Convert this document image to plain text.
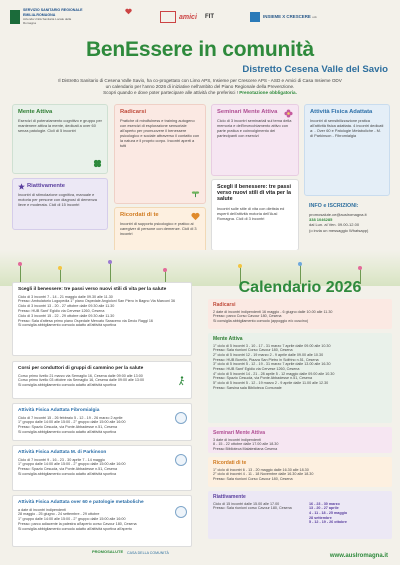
SERVIZIO SANITARIO REGIONALE EMILIA-ROMAGNA
Azienda Unità Sanitaria Locale della Romagna
amici FIT	INSIEME X CRESCERE odv
BenEssere in comunità
Distretto Cesena Valle del Savio
Il Distretto Sanitario di Cesena Valle Savio, ha co-progettato con Limo APS, Insieme per Crescere APS - ASD e Amici di Casa Insieme ODV
un calendario per l'anno 2026 di iniziative nell'ambito del Piano Regionale della Prevenzione.
Scopri quando e dove poter partecipare alle attività che preferisci ! Prenotazione obbligatoria.
Mente Attiva

Esercizi di potenziamento cognitivo e gruppo per mantenere attiva la mente, dedicati a over 60 senza patologie. Cicli di 5 incontri

Radicarsi

Pratiche di mindfulness e training autogeno con esercizi di esplorazione sensoriale all'aperto per promuovere il benessere psicologico e sociale attraverso il contatto con la natura e il proprio corpo. Incontri aperti a tutti

Seminari Mente Attiva

Ciclo di 3 incontri seminariali sul tema della memoria e dell'invecchiamento attivo con parte pratica e coinvolgimento dei partecipanti con esercizi

Attività Fisica Adattata

Incontri di sensibilizzazione pratica all'attività fisica adattata. 4 incontri dedicati a: - Over 60 e Patologie Metaboliche - M. di Parkinson - Fibromialgia

Riattivamente

Incontri di stimolazione cognitiva, manuale e motoria per persone con diagnosi di demenza lieve e moderata. Cicli di 15 incontri

Ricordati di te

Incontri di supporto psicologico e pratico ai caregiver di persone con demenze. Cicli di 3 incontri

Scegli il benessere: tre passi verso nuovi stili di vita per la salute

Incontri sulle stile di vita con dietista ed esperti dell'attività motoria dell'Ausl Romagna. Cicli di 3 incontri

INFO e ISCRIZIONI:

promosalute.ce@auslromagna.it

338 1046285

dal Lun. al Ven. 09.00-12.00

(o invia un messaggio Whatsapp)

Scegli il benessere: tre passi verso nuovi stili di vita per la salute

Ciclo di 3 incontri 7 - 14 - 21 maggio dalle 09.30 alle 11.30

Presso: Ambulatorio Logopedia 1° piano Ospedale Angioloni San Piero in Bagno Via Marconi 36

Ciclo di 3 incontri 13 - 20 - 27 ottobre dalle 09.30 alle 11.30

Presso: HUB Sant' Egidio via Cervese 1260, Cesena

Ciclo di 3 incontri 15 - 22 - 29 ottobre dalle 09.30 alle 11.30

Presso: Sala d'attesa primo piano Ospedale Mercato Saraceno via Decio Raggi 16

Si consiglia abbigliamento comodo adatto all'attività sportiva

Corsi per conduttori di gruppi di cammino per la salute

Corso primo livello 21 marzo via Semaglio 16, Cesena dalle 09:00 alle 13:00

Corso primo livello 03 ottobre via Semaglio 16, Cesena dalle 09:00 alle 13:00

Si consiglia abbigliamento comodo adatto all'attività sportiva

Attività Fisica Adattata Fibromialgia

Ciclo di 7 incontri 15 - 26 febbraio 5 - 12 - 19 - 26 marzo 2 aprile

1° gruppo dalle 14:00 alle 15:00 - 2° gruppo dalle 15:00 alle 16:00

Presso: Spazio Cesuola, via Ponte Abbadesse n.51, Cesena

Si consiglia abbigliamento comodo adatto all'attività sportiva

Attività Fisica Adattata M. di Parkinson

Ciclo di 7 incontri 9 - 16 - 23 - 30 aprile 7 - 14 maggio

1° gruppo dalle 14:00 alle 15:00 - 2° gruppo dalle 15:00 alle 16:00

Presso: Spazio Cesuola, via Ponte Abbadesse n.51, Cesena

Si consiglia abbigliamento comodo adatto all'attività sportiva

Attività Fisica Adattata over 60 e patologie metaboliche

a date di incontri indipendenti

28 maggio - 25 giugno - 24 settembre - 29 ottobre

1° gruppo dalle 14:00 alle 15:00 - 2° gruppo dalle 15:00 alle 16:00

Presso: parco adiacente la palestra all'aperto corso Cavour 180, Cesena

Si consiglia abbigliamento comodo adatto all'attività sportiva all'aperto

Calendario 2026
Radicarsi

2 date di incontri indipendenti 16 maggio - 6 giugno dalle 10.00 alle 11.30

Presso: parco Corso Cavour 180, Cesena

Si consiglia abbigliamento comodo (appoggio e/o cuscino)

Mente Attiva

1° ciclo di 5 incontri 3 - 10 - 17 - 31 marzo 7 aprile dalle 09.00 alle 10.30

Presso: Sala riunioni Corso Cavour 180, Cesena

2° ciclo di 5 incontri 12 - 19 marzo 2 - 9 aprile dalle 09.00 alle 10.30

Presso: HUB Borello, Piazza San Pietro in Solfrino n.51, Cesena

3° ciclo di 5 incontri 5 - 12 - 19 - 31 marzo 7 aprile dalle 13.00 alle 16.30

Presso: HUB Sant' Egidio via Cervese 1260, Cesena

4° ciclo di 5 incontri 14 - 21 - 28 aprile 5 - 12 maggio dalle 09.00 alle 10.30

Presso: Spazio Cesuola, via Ponte Abbadesse n.51, Cesena

5° ciclo di 5 incontri 5 - 12 - 19 marzo 2 - 9 aprile dalle 11.00 alle 12.30

Presso: Sarsina sala Biblioteca Comunale

Seminari Mente Attiva

3 date di incontri indipendenti

8 - 15 - 22 ottobre dalle 17.00 alle 18.30

Presso Biblioteca Malatestiana Cesena

Ricordati di te

1° ciclo di incontri 6 - 13 - 20 maggio dalle 16.30 alle 18.30

2° ciclo di incontri 4 - 11 - 18 Novembre dalle 16.30 alle 18.30

Presso: Sala riunioni Corso Cavour 180, Cesena

Riattivamente

Ciclo di 15 incontri dalle 15.00 alle 17.00

Presso: Sala riunioni corso Cavour 180, Cesena

16 - 23 - 30 marzo

13 - 20 - 27 aprile

4 - 11 - 18 - 25 maggio

28 settembre

5 - 12 - 19 - 26 ottobre

PROMOSALUTE CASA DELLA COMUNITÀ	www.auslromagna.it
